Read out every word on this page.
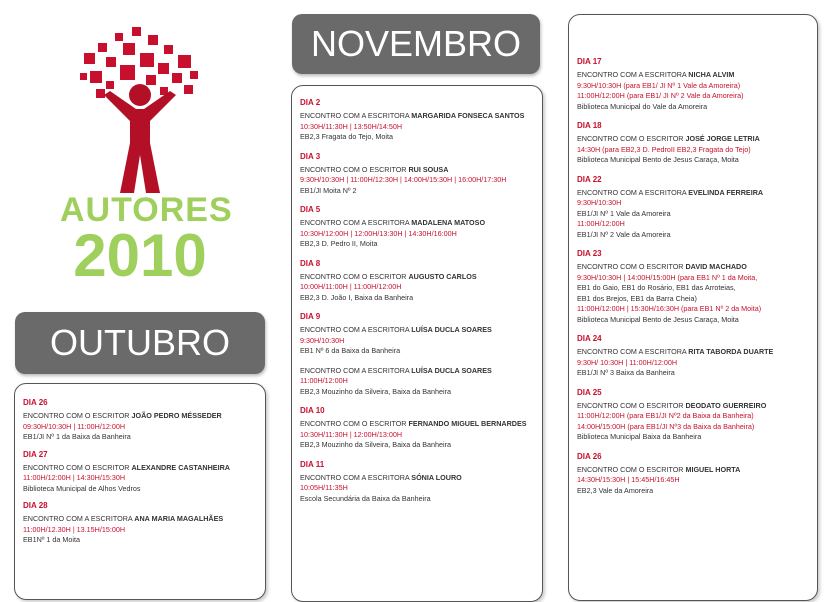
AUTORES
2010
OUTUBRO
DIA 26
ENCONTRO COM O ESCRITOR JOÃO PEDRO MÉSSEDER
09:30H/10:30H | 11:00H/12:00H
EB1/JI Nº 1 da Baixa da Banheira
DIA 27
ENCONTRO COM O ESCRITOR ALEXANDRE CASTANHEIRA
11:00H/12:00H | 14:30H/15:30H
Biblioteca Municipal de Alhos Vedros
DIA 28
ENCONTRO COM A ESCRITORA ANA MARIA MAGALHÃES
11:00H/12.30H | 13.15H/15:00H
EB1Nº 1 da Moita
NOVEMBRO
DIA 2
ENCONTRO COM A ESCRITORA MARGARIDA FONSECA SANTOS
10:30H/11:30H | 13:50H/14:50H
EB2,3 Fragata do Tejo, Moita
DIA 3
ENCONTRO COM O ESCRITOR RUI SOUSA
9:30H/10:30H | 11:00H/12:30H | 14:00H/15:30H | 16:00H/17:30H
EB1/JI Moita Nº 2
DIA 5
ENCONTRO COM A ESCRITORA MADALENA MATOSO
10:30H/12:00H | 12:00H/13:30H | 14:30H/16:00H
EB2,3 D. Pedro II, Moita
DIA 8
ENCONTRO COM O ESCRITOR AUGUSTO CARLOS
10:00H/11:00H | 11:00H/12:00H
EB2,3 D. João I, Baixa da Banheira
DIA 9
ENCONTRO COM A ESCRITORA LUÍSA DUCLA SOARES
9:30H/10:30H
EB1 Nº 6 da Baixa da Banheira
ENCONTRO COM A ESCRITORA LUÍSA DUCLA SOARES
11:00H/12:00H
EB2,3 Mouzinho da Silveira, Baixa da Banheira
DIA 10
ENCONTRO COM O ESCRITOR FERNANDO MIGUEL BERNARDES
10:30H/11:30H | 12:00H/13:00H
EB2,3 Mouzinho da Silveira, Baixa da Banheira
DIA 11
ENCONTRO COM A ESCRITORA SÓNIA LOURO
10:05H/11:35H
Escola Secundária da Baixa da Banheira
DIA 17
ENCONTRO COM A ESCRITORA NICHA ALVIM
9:30H/10:30H (para EB1/ JI Nº 1 Vale da Amoreira)
11:00H/12:00H (para EB1/ JI Nº 2 Vale da Amoreira)
Biblioteca Municipal do Vale da Amoreira
DIA 18
ENCONTRO COM O ESCRITOR JOSÉ JORGE LETRIA
14:30H (para EB2,3 D. PedroII EB2,3 Fragata do Tejo)
Biblioteca Municipal Bento de Jesus Caraça, Moita
DIA 22
ENCONTRO COM A ESCRITORA EVELINDA FERREIRA
9:30H/10:30H
EB1/JI Nº 1 Vale da Amoreira
11:00H/12:00H
EB1/JI Nº 2 Vale da Amoreira
DIA 23
ENCONTRO COM O ESCRITOR DAVID MACHADO
9:30H/10:30H | 14:00H/15:00H (para EB1 Nº 1 da Moita,
EB1 do Gaio, EB1 do Rosário, EB1 das Arroteias,
EB1 dos Brejos, EB1 da Barra Cheia)
11:00H/12:00H | 15:30H/16:30H (para EB1 Nº 2 da Moita)
Biblioteca Municipal Bento de Jesus Caraça, Moita
DIA 24
ENCONTRO COM A ESCRITORA RITA TABORDA DUARTE
9:30H/ 10:30H | 11:00H/12:00H
EB1/JI Nº 3 Baixa da Banheira
DIA 25
ENCONTRO COM O ESCRITOR DEODATO GUERREIRO
11:00H/12:00H (para EB1/JI Nº2 da Baixa da Banheira)
14:00H/15:00H (para EB1/JI Nº3 da Baixa da Banheira)
Biblioteca Municipal Baixa da Banheira
DIA 26
ENCONTRO COM O ESCRITOR MIGUEL HORTA
14:30H/15:30H | 15:45H/16:45H
EB2,3 Vale da Amoreira
